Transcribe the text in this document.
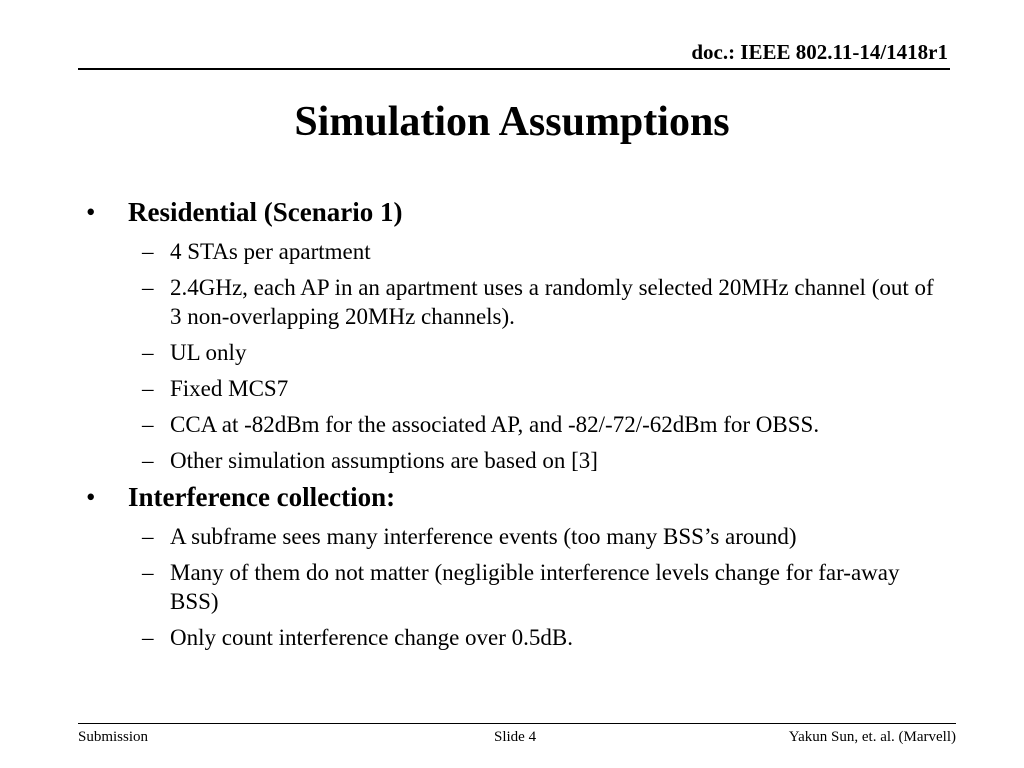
doc.: IEEE 802.11-14/1418r1
Simulation Assumptions
•	Residential (Scenario 1)
– 4 STAs per apartment
– 2.4GHz, each AP in an apartment uses a randomly selected 20MHz channel (out of 3 non-overlapping 20MHz channels).
– UL only
– Fixed MCS7
– CCA at -82dBm for the associated AP, and -82/-72/-62dBm for OBSS.
– Other simulation assumptions are based on [3]
•	Interference collection:
– A subframe sees many interference events (too many BSS’s around)
– Many of them do not matter (negligible interference levels change for far-away BSS)
– Only count interference change over 0.5dB.
Submission	Slide 4	Yakun Sun, et. al. (Marvell)
